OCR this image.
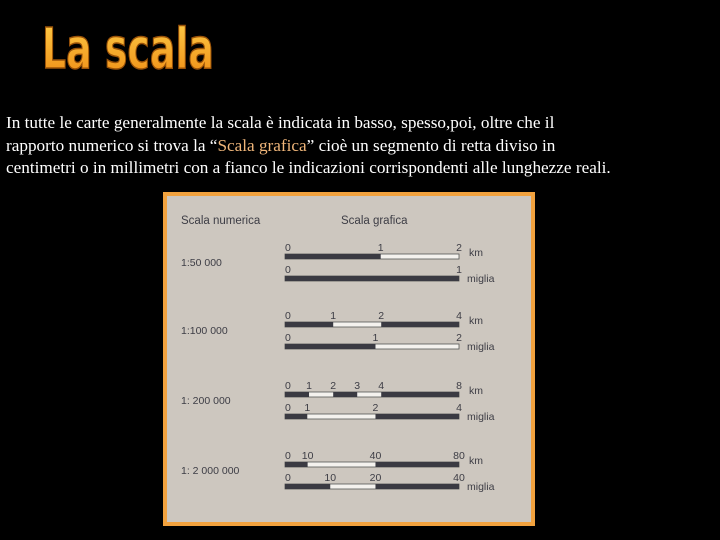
La scala
In tutte le carte generalmente la scala è indicata in basso, spesso,poi, oltre che il
rapporto numerico si trova la “Scala grafica” cioè un segmento di retta diviso in
centimetri o in millimetri con a fianco le indicazioni corrispondenti alle lunghezze reali.
Scala numerica	Scala grafica
1:50 000
0	1	2 km
0	1
miglia
1:100 000
0	1	2	4 km
0	1	2
miglia
1: 200 000
0 1 2 3 4	8 km
0 1	2	4
miglia
1: 2 000 000
0 10	40	80 km
0	10	20	40
miglia
